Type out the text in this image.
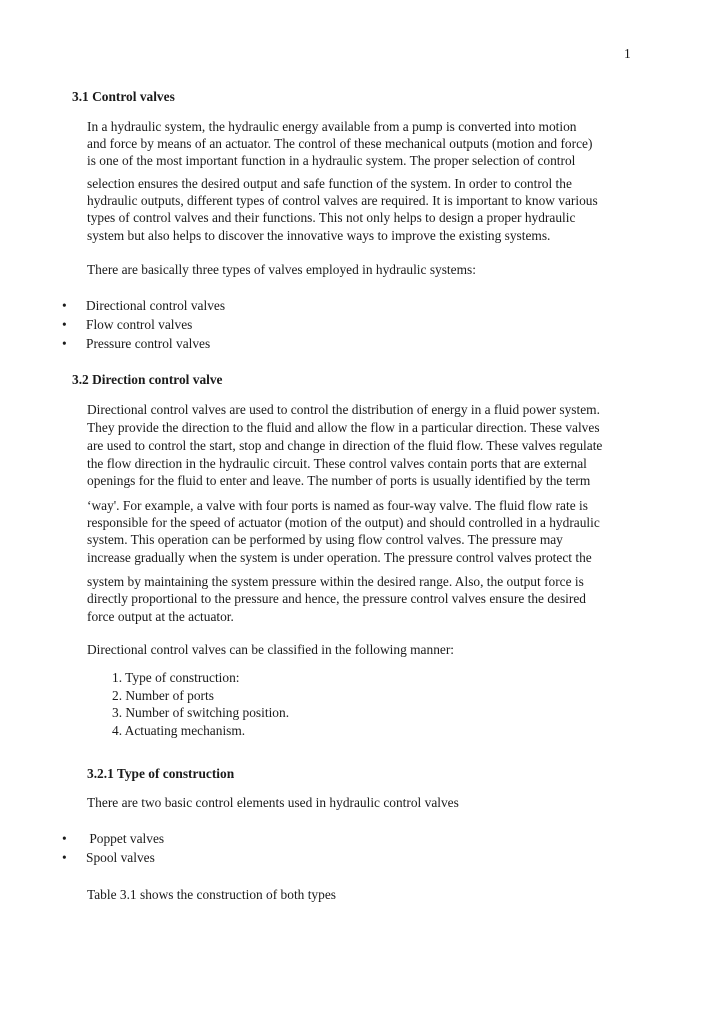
1
3.1 Control valves
In a hydraulic system, the hydraulic energy available from a pump is converted into motion
and force by means of an actuator. The control of these mechanical outputs (motion and force)
is one of the most important function in a hydraulic system. The proper selection of control
selection ensures the desired output and safe function of the system. In order to control the
hydraulic outputs, different types of control valves are required. It is important to know various
types of control valves and their functions. This not only helps to design a proper hydraulic
system but also helps to discover the innovative ways to improve the existing systems.
There are basically three types of valves employed in hydraulic systems:
• Directional control valves
• Flow control valves
• Pressure control valves
3.2 Direction control valve
Directional control valves are used to control the distribution of energy in a fluid power system.
They provide the direction to the fluid and allow the flow in a particular direction. These valves
are used to control the start, stop and change in direction of the fluid flow. These valves regulate
the flow direction in the hydraulic circuit. These control valves contain ports that are external
openings for the fluid to enter and leave. The number of ports is usually identified by the term
‘way'. For example, a valve with four ports is named as four-way valve. The fluid flow rate is
responsible for the speed of actuator (motion of the output) and should controlled in a hydraulic
system. This operation can be performed by using flow control valves. The pressure may
increase gradually when the system is under operation. The pressure control valves protect the
system by maintaining the system pressure within the desired range. Also, the output force is
directly proportional to the pressure and hence, the pressure control valves ensure the desired
force output at the actuator.
Directional control valves can be classified in the following manner:
1. Type of construction:
2. Number of ports
3. Number of switching position.
4. Actuating mechanism.
3.2.1 Type of construction
There are two basic control elements used in hydraulic control valves
• Poppet valves
• Spool valves
Table 3.1 shows the construction of both types
